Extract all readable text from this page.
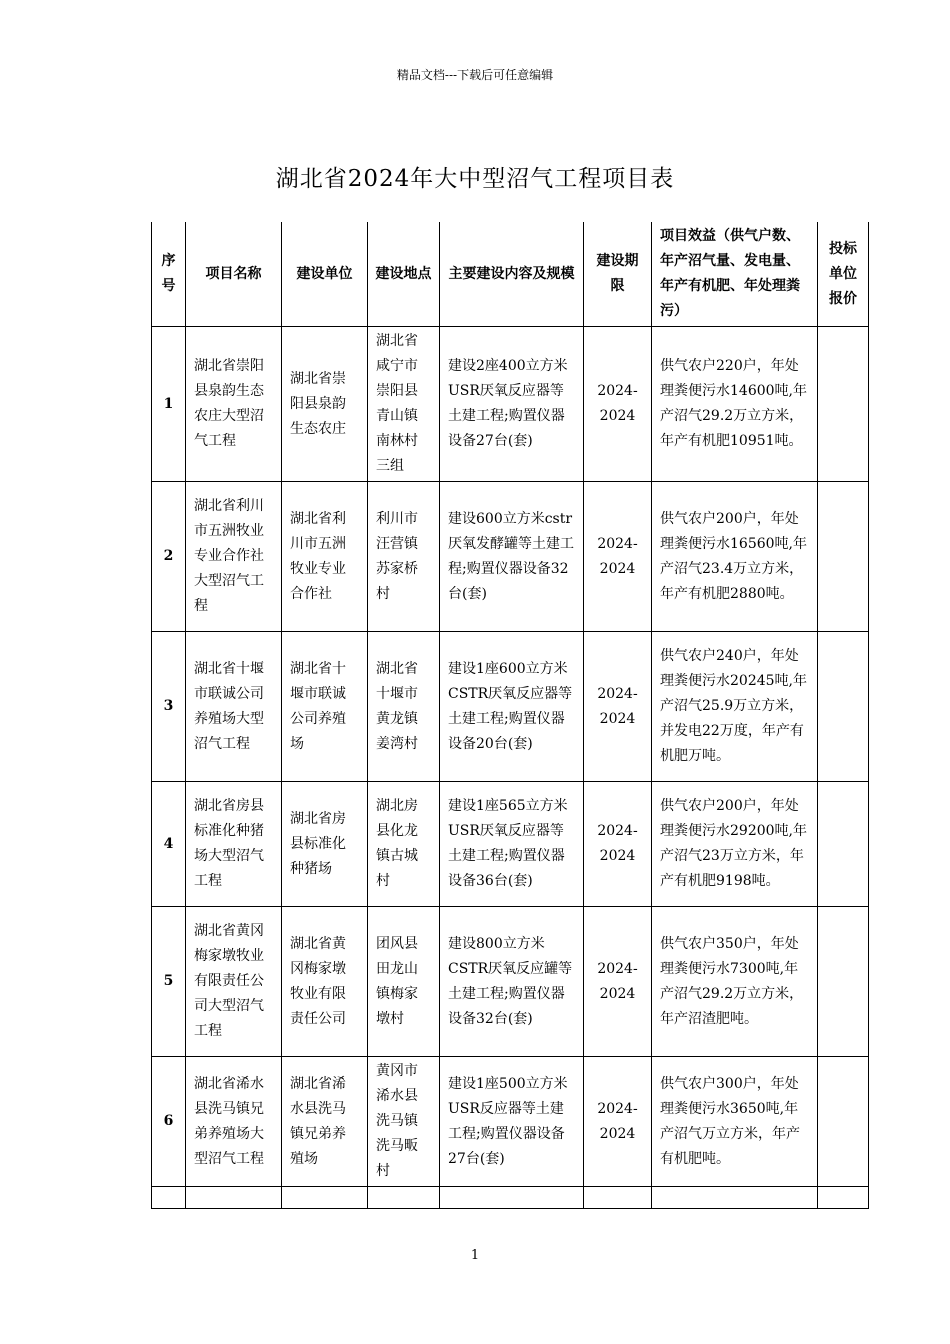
精品文档---下载后可任意编辑
湖北省2024年大中型沼气工程项目表
序号	项目名称	建设单位	建设地点	主要建设内容及规模	建设期限	项目效益（供气户数、年产沼气量、发电量、年产有机肥、年处理粪污）	投标单位报价
1	湖北省崇阳县泉韵生态农庄大型沼气工程	湖北省崇阳县泉韵生态农庄	湖北省咸宁市崇阳县青山镇南林村三组	建设2座400立方米USR厌氧反应器等土建工程;购置仪器设备27台(套)	2024-2024	供气农户220户，年处理粪便污水14600吨,年产沼气29.2万立方米，年产有机肥10951吨。	
2	湖北省利川市五洲牧业专业合作社大型沼气工程	湖北省利川市五洲牧业专业合作社	利川市汪营镇苏家桥村	建设600立方米cstr厌氧发酵罐等土建工程;购置仪器设备32台(套)	2024-2024	供气农户200户，年处理粪便污水16560吨,年产沼气23.4万立方米，年产有机肥2880吨。	
3	湖北省十堰市联诚公司养殖场大型沼气工程	湖北省十堰市联诚公司养殖场	湖北省十堰市黄龙镇姜湾村	建设1座600立方米CSTR厌氧反应器等土建工程;购置仪器设备20台(套)	2024-2024	供气农户240户，年处理粪便污水20245吨,年产沼气25.9万立方米，并发电22万度，年产有机肥万吨。	
4	湖北省房县标准化种猪场大型沼气工程	湖北省房县标准化种猪场	湖北房县化龙镇古城村	建设1座565立方米USR厌氧反应器等土建工程;购置仪器设备36台(套)	2024-2024	供气农户200户，年处理粪便污水29200吨,年产沼气23万立方米，年产有机肥9198吨。	
5	湖北省黄冈梅家墩牧业有限责任公司大型沼气工程	湖北省黄冈梅家墩牧业有限责任公司	团风县田龙山镇梅家墩村	建设800立方米CSTR厌氧反应罐等土建工程;购置仪器设备32台(套)	2024-2024	供气农户350户，年处理粪便污水7300吨,年产沼气29.2万立方米，年产沼渣肥吨。	
6	湖北省浠水县洗马镇兄弟养殖场大型沼气工程	湖北省浠水县洗马镇兄弟养殖场	黄冈市浠水县洗马镇洗马畈村	建设1座500立方米USR反应器等土建工程;购置仪器设备27台(套)	2024-2024	供气农户300户，年处理粪便污水3650吨,年产沼气万立方米，年产有机肥吨。	

1
